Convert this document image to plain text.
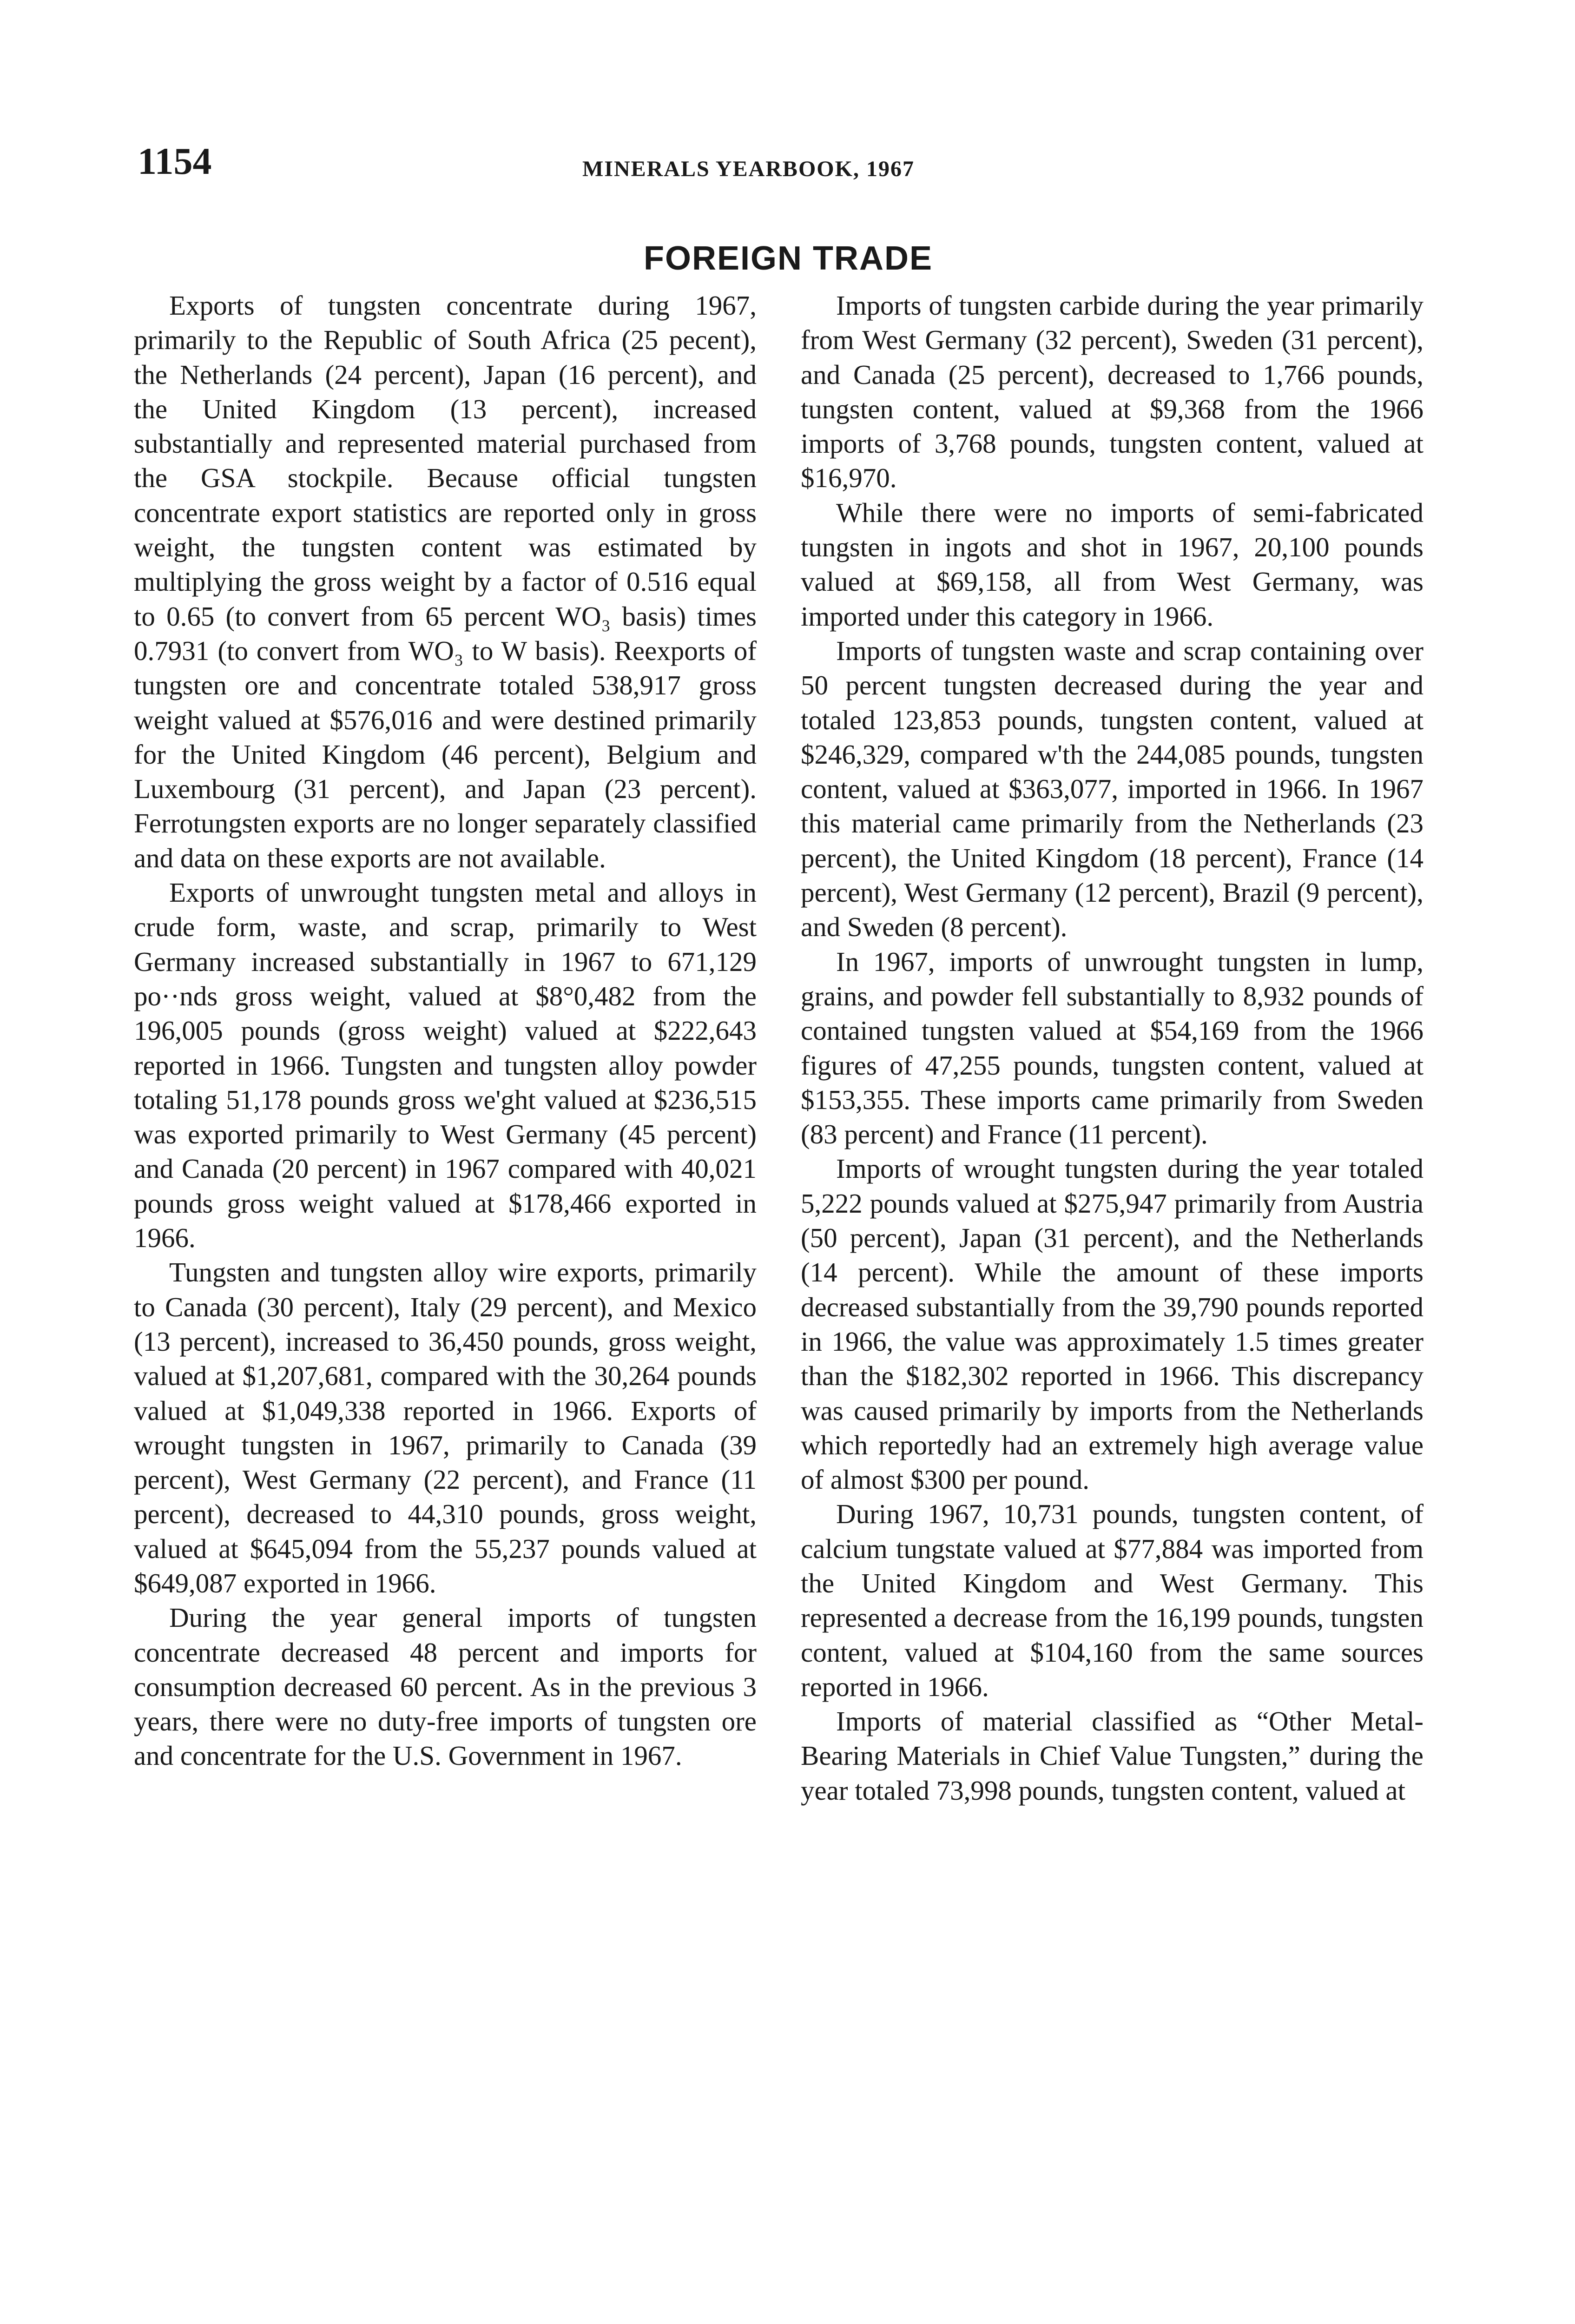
1154	MINERALS YEARBOOK, 1967
FOREIGN TRADE

Exports of tungsten concentrate during 1967, primarily to the Republic of South Africa (25 pecent), the Netherlands (24 percent), Japan (16 percent), and the United Kingdom (13 percent), increased substantially and represented material purchased from the GSA stockpile. Because official tungsten concentrate export statistics are reported only in gross weight, the tungsten content was estimated by multiplying the gross weight by a factor of 0.516 equal to 0.65 (to convert from 65 percent WO₃ basis) times 0.7931 (to convert from WO₃ to W basis). Reexports of tungsten ore and concentrate totaled 538,917 gross weight valued at $576,016 and were destined primarily for the United Kingdom (46 percent), Belgium and Luxembourg (31 percent), and Japan (23 percent). Ferrotungsten exports are no longer separately classified and data on these exports are not available.

Exports of unwrought tungsten metal and alloys in crude form, waste, and scrap, primarily to West Germany increased substantially in 1967 to 671,129 po··nds gross weight, valued at $8°0,482 from the 196,005 pounds (gross weight) valued at $222,643 reported in 1966. Tungsten and tungsten alloy powder totaling 51,178 pounds gross we'ght valued at $236,515 was exported primarily to West Germany (45 percent) and Canada (20 percent) in 1967 compared with 40,021 pounds gross weight valued at $178,466 exported in 1966.

Tungsten and tungsten alloy wire exports, primarily to Canada (30 percent), Italy (29 percent), and Mexico (13 percent), increased to 36,450 pounds, gross weight, valued at $1,207,681, compared with the 30,264 pounds valued at $1,049,338 reported in 1966. Exports of wrought tungsten in 1967, primarily to Canada (39 percent), West Germany (22 percent), and France (11 percent), decreased to 44,310 pounds, gross weight, valued at $645,094 from the 55,237 pounds valued at $649,087 exported in 1966.

During the year general imports of tungsten concentrate decreased 48 percent and imports for consumption decreased 60 percent. As in the previous 3 years, there were no duty-free imports of tungsten ore and concentrate for the U.S. Government in 1967.

Imports of tungsten carbide during the year primarily from West Germany (32 percent), Sweden (31 percent), and Canada (25 percent), decreased to 1,766 pounds, tungsten content, valued at $9,368 from the 1966 imports of 3,768 pounds, tungsten content, valued at $16,970.

While there were no imports of semi-fabricated tungsten in ingots and shot in 1967, 20,100 pounds valued at $69,158, all from West Germany, was imported under this category in 1966.

Imports of tungsten waste and scrap containing over 50 percent tungsten decreased during the year and totaled 123,853 pounds, tungsten content, valued at $246,329, compared w'th the 244,085 pounds, tungsten content, valued at $363,077, imported in 1966. In 1967 this material came primarily from the Netherlands (23 percent), the United Kingdom (18 percent), France (14 percent), West Germany (12 percent), Brazil (9 percent), and Sweden (8 percent).

In 1967, imports of unwrought tungsten in lump, grains, and powder fell substantially to 8,932 pounds of contained tungsten valued at $54,169 from the 1966 figures of 47,255 pounds, tungsten content, valued at $153,355. These imports came primarily from Sweden (83 percent) and France (11 percent).

Imports of wrought tungsten during the year totaled 5,222 pounds valued at $275,947 primarily from Austria (50 percent), Japan (31 percent), and the Netherlands (14 percent). While the amount of these imports decreased substantially from the 39,790 pounds reported in 1966, the value was approximately 1.5 times greater than the $182,302 reported in 1966. This discrepancy was caused primarily by imports from the Netherlands which reportedly had an extremely high average value of almost $300 per pound.

During 1967, 10,731 pounds, tungsten content, of calcium tungstate valued at $77,884 was imported from the United Kingdom and West Germany. This represented a decrease from the 16,199 pounds, tungsten content, valued at $104,160 from the same sources reported in 1966.

Imports of material classified as “Other Metal-Bearing Materials in Chief Value Tungsten,” during the year totaled 73,998 pounds, tungsten content, valued at
